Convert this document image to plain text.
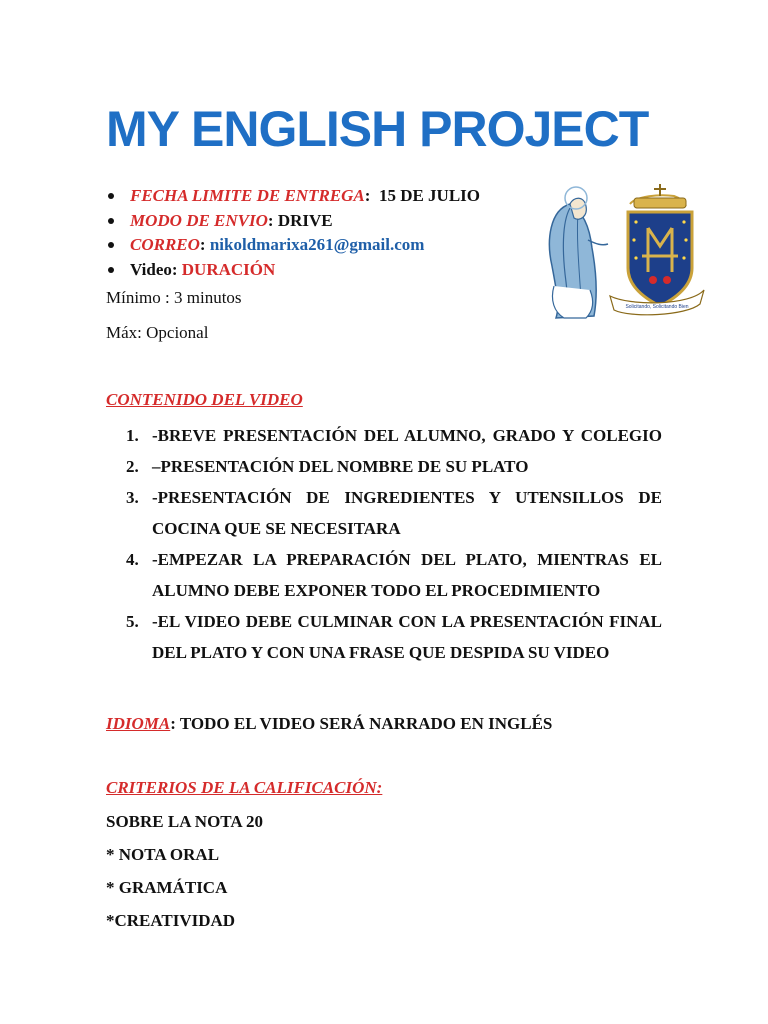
MY ENGLISH PROJECT
FECHA LIMITE DE ENTREGA:  15 DE JULIO
MODO DE ENVIO: DRIVE
CORREO: nikoldmarixa261@gmail.com
Video: DURACIÓN

Mínimo : 3 minutos

Máx: Opcional

Solicitando, Solicitando Bien

CONTENIDO DEL VIDEO

1. -BREVE PRESENTACIÓN DEL ALUMNO, GRADO Y COLEGIO
2. –PRESENTACIÓN DEL NOMBRE DE SU PLATO
3. -PRESENTACIÓN DE INGREDIENTES Y UTENSILLOS DE COCINA QUE SE NECESITARA
4. -EMPEZAR LA PREPARACIÓN DEL PLATO, MIENTRAS EL ALUMNO DEBE EXPONER TODO EL PROCEDIMIENTO
5. -EL VIDEO DEBE CULMINAR CON LA PRESENTACIÓN FINAL DEL PLATO Y CON UNA FRASE QUE DESPIDA SU VIDEO

IDIOMA: TODO EL VIDEO SERÁ NARRADO EN INGLÉS

CRITERIOS DE LA CALIFICACIÓN:

SOBRE LA NOTA 20

* NOTA ORAL

* GRAMÁTICA

*CREATIVIDAD
